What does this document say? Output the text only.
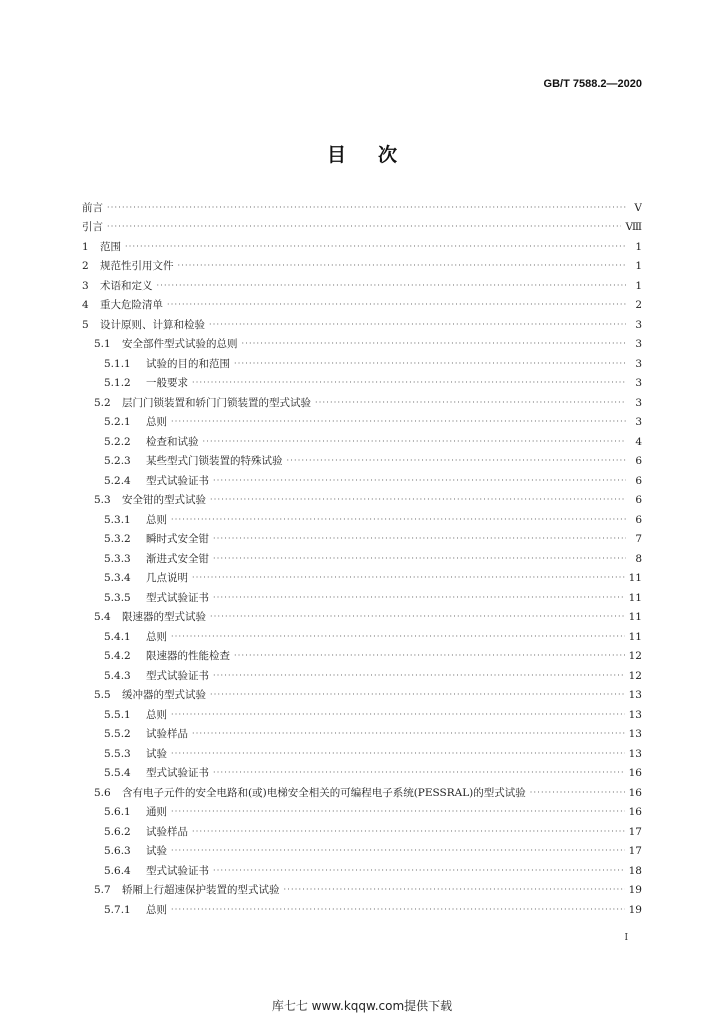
GB/T 7588.2—2020
目次
前言 ·····	V
引言 ·····	Ⅷ
1	范围 ·····	1
2	规范性引用文件 ·····	1
3	术语和定义 ·····	1
4	重大危险清单 ·····	2
5	设计原则、计算和检验 ·····	3
5.1	安全部件型式试验的总则 ·····	3
5.1.1	试验的目的和范围 ·····	3
5.1.2	一般要求 ·····	3
5.2	层门门锁装置和轿门门锁装置的型式试验 ·····	3
5.2.1	总则 ·····	3
5.2.2	检查和试验 ·····	4
5.2.3	某些型式门锁装置的特殊试验 ·····	6
5.2.4	型式试验证书 ·····	6
5.3	安全钳的型式试验 ·····	6
5.3.1	总则 ·····	6
5.3.2	瞬时式安全钳 ·····	7
5.3.3	渐进式安全钳 ·····	8
5.3.4	几点说明 ·····	11
5.3.5	型式试验证书 ·····	11
5.4	限速器的型式试验 ·····	11
5.4.1	总则 ·····	11
5.4.2	限速器的性能检查 ·····	12
5.4.3	型式试验证书 ·····	12
5.5	缓冲器的型式试验 ·····	13
5.5.1	总则 ·····	13
5.5.2	试验样品 ·····	13
5.5.3	试验 ·····	13
5.5.4	型式试验证书 ·····	16
5.6	含有电子元件的安全电路和(或)电梯安全相关的可编程电子系统(PESSRAL)的型式试验 ·····	16
5.6.1	通则 ·····	16
5.6.2	试验样品 ·····	17
5.6.3	试验 ·····	17
5.6.4	型式试验证书 ·····	18
5.7	轿厢上行超速保护装置的型式试验 ·····	19
5.7.1	总则 ·····	19
I
库七七 www.kqqw.com提供下载
